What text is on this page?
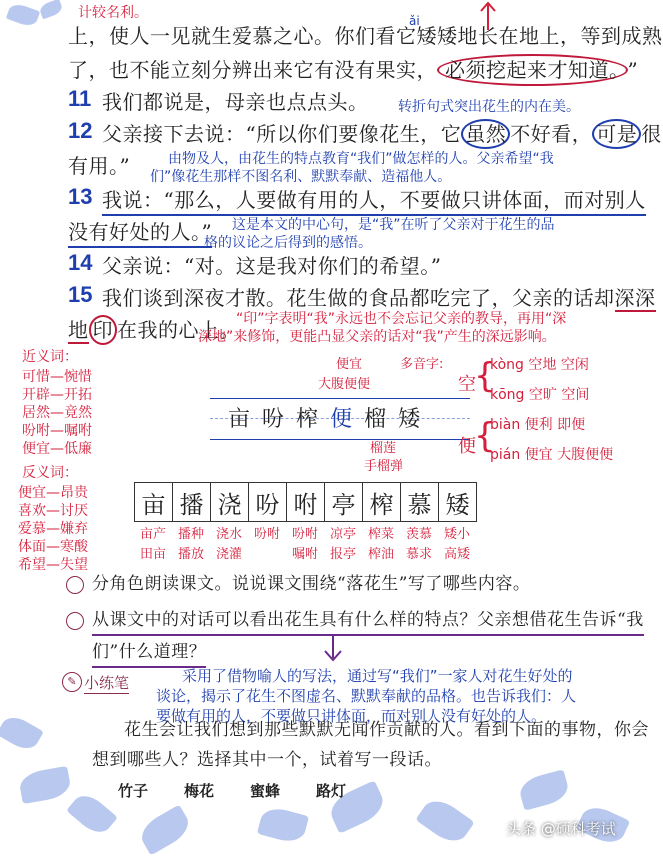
计较名利。	ǎi
上，使人一见就生爱慕之心。你们看它矮矮地长在地上，等到成熟
了，也不能立刻分辨出来它有没有果实， 必须挖起来才知道。 ”
11 我们都说是，母亲也点点头。 转折句式突出花生的内在美。
12 父亲接下去说：“所以你们要像花生，它 虽然 不好看， 可是 很
有用。”	由物及人，由花生的特点教育“我们”做怎样的人。父亲希望“我
们”像花生那样不图名利、默默奉献、造福他人。
13 我说：“那么，人要做有用的人，不要做只讲体面，而对别人
没有好处的人。” 这是本文的中心句，是“我”在听了父亲对于花生的品
格的议论之后得到的感悟。
14 父亲说：“对。这是我对你们的希望。”
15 我们谈到深夜才散。花生做的食品都吃完了，父亲的话却深深
地 印 在我的心上。
“印”字表明“我”永远也不会忘记父亲的教导，再用“深
深地”来修饰，更能凸显父亲的话对“我”产生的深远影响。
近义词：
可惜—惋惜
开辟—开拓
居然—竟然
吩咐—嘱咐
便宜—低廉
反义词：
便宜—昂贵
喜欢—讨厌
爱慕—嫌弃
体面—寒酸
希望—失望
便宜
大腹便便
多音字:
亩 吩 榨 便 榴 矮
榴莲
手榴弹
空
{
kòng 空地 空闲
kōng 空旷 空间
便
{
biàn 便利 即便
pián 便宜 大腹便便
亩 播 浇 吩 咐 亭 榨 慕 矮
亩产 播种 浇水 吩咐 吩咐 凉亭 榨菜 羡慕 矮小
田亩 播放 浇灌	嘱咐 报亭 榨油 慕求 高矮
分角色朗读课文。说说课文围绕“落花生”写了哪些内容。
从课文中的对话可以看出花生具有什么样的特点？父亲想借花生告诉“我
们”什么道理？
✎ 小练笔	采用了借物喻人的写法，通过写“我们”一家人对花生好处的
谈论，揭示了花生不图虚名、默默奉献的品格。也告诉我们：人
要做有用的人，不要做只讲体面，而对别人没有好处的人。
花生会让我们想到那些默默无闻作贡献的人。看到下面的事物，你会
想到哪些人？选择其中一个，试着写一段话。
竹子 梅花 蜜蜂 路灯
头条 @硕科考试
